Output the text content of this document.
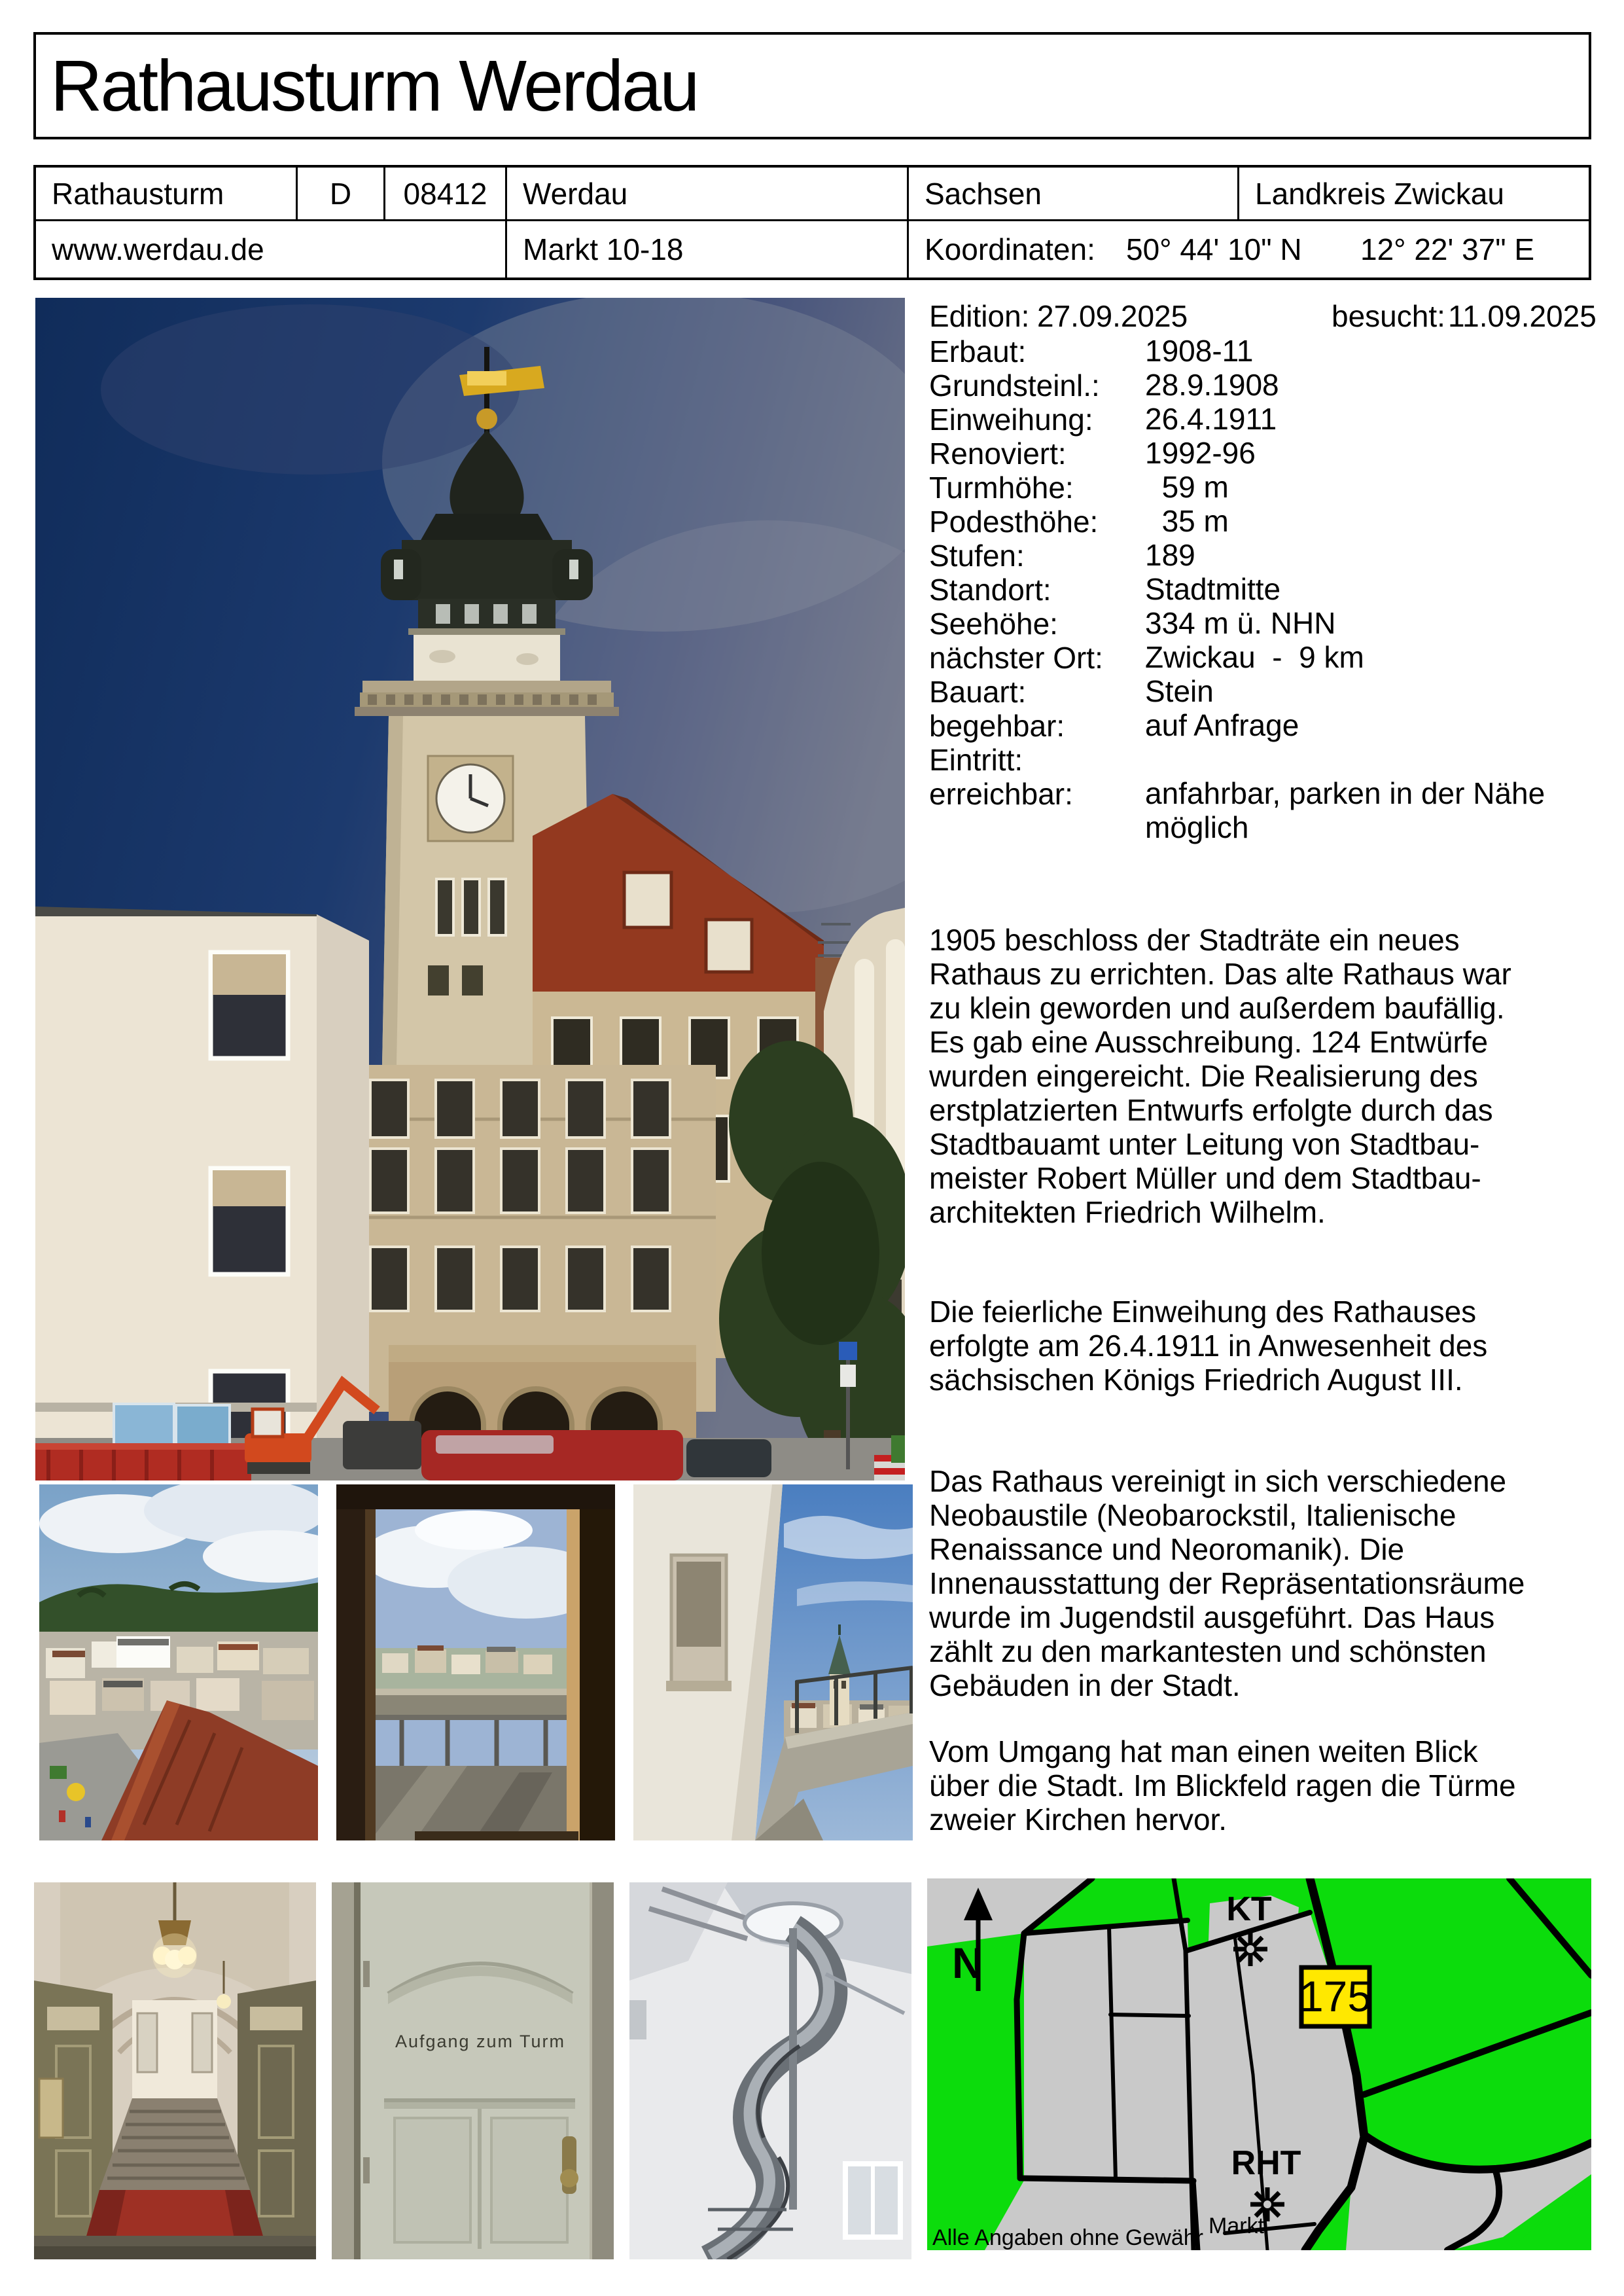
Rathausturm Werdau
Rathausturm	D	08412	Werdau	Sachsen	Landkreis Zwickau
www.werdau.de	Markt 10-18	Koordinaten: 50° 44' 10" N 12° 22' 37" E
Edition: 27.09.2025	besucht: 11.09.2025
Erbaut:	1908-11
Grundsteinl.: 28.9.1908
Einweihung: 26.4.1911
Renoviert:	1992-96
Turmhöhe: 59 m
Podesthöhe: 35 m
Stufen:	189
Standort:	Stadtmitte
Seehöhe:	334 m ü. NHN
nächster Ort: Zwickau  -  9 km
Bauart:	Stein
begehbar:	auf Anfrage
Eintritt:
erreichbar: anfahrbar, parken in der Nähe
möglich
1905 beschloss der Stadträte ein neues
Rathaus zu errichten. Das alte Rathaus war
zu klein geworden und außerdem baufällig.
Es gab eine Ausschreibung. 124 Entwürfe
wurden eingereicht. Die Realisierung des
erstplatzierten Entwurfs erfolgte durch das
Stadtbauamt unter Leitung von Stadtbau-
meister Robert Müller und dem Stadtbau-
architekten Friedrich Wilhelm.
Die feierliche Einweihung des Rathauses
erfolgte am 26.4.1911 in Anwesenheit des
sächsischen Königs Friedrich August III.
Das Rathaus vereinigt in sich verschiedene
Neobaustile (Neobarockstil, Italienische
Renaissance und Neoromanik). Die
Innenausstattung der Repräsentationsräume
wurde im Jugendstil ausgeführt. Das Haus
zählt zu den markantesten und schönsten
Gebäuden in der Stadt.
Vom Umgang hat man einen weiten Blick
über die Stadt. Im Blickfeld ragen die Türme
zweier Kirchen hervor.
Aufgang zum Turm
N
KT
175
RHT
Markt
Alle Angaben ohne Gewähr
